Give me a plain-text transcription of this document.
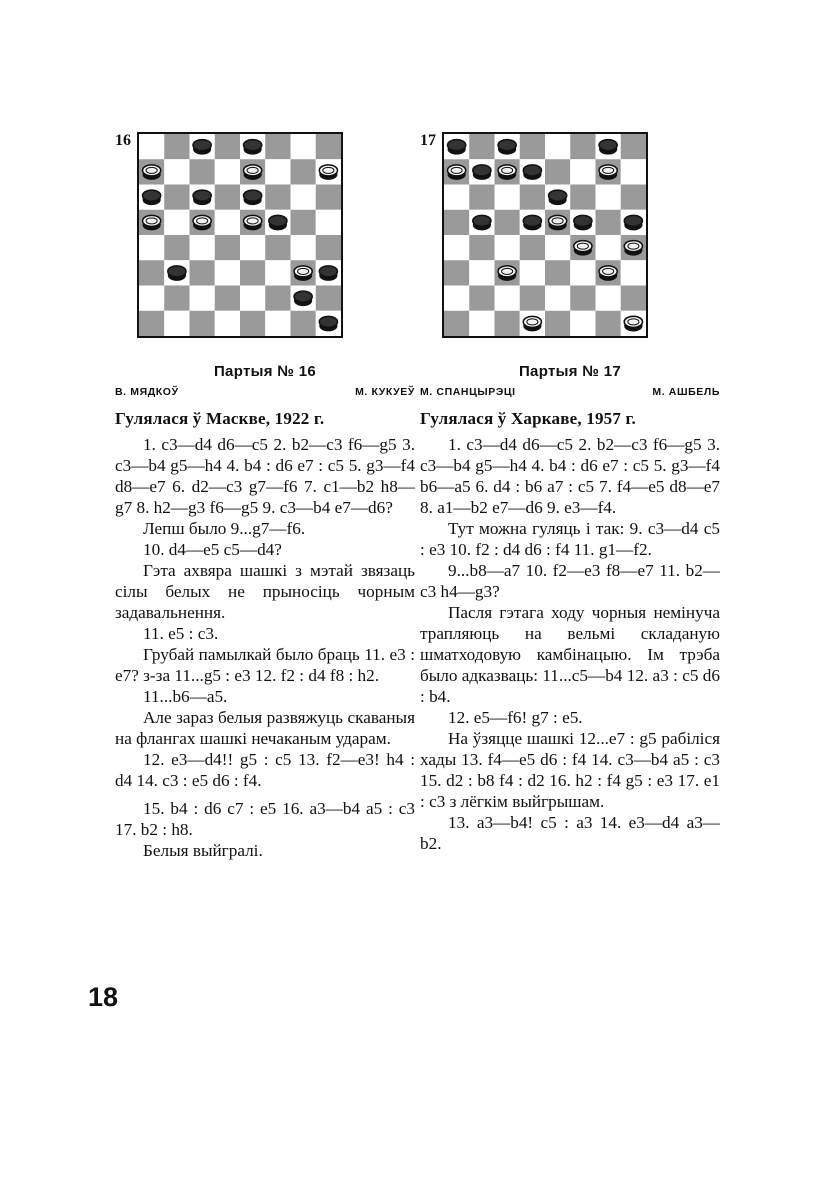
16
Партыя № 16
В. МЯДКОЎ	М. КУКУЕЎ
Гулялася ў Маскве, 1922 г.

1. c3—d4 d6—c5 2. b2—c3 f6—g5 3. c3—b4 g5—h4 4. b4 : d6 e7 : c5 5. g3—f4 d8—e7 6. d2—c3 g7—f6 7. c1—b2 h8—g7 8. h2—g3 f6—g5 9. c3—b4 e7—d6?

Лепш было 9...g7—f6.

10. d4—e5 c5—d4?

Гэта ахвяра шашкі з мэтай звязаць сілы белых не прыносіць чорным задавальнення.

11. e5 : c3.

Грубай памылкай было браць 11. e3 : e7? з-за 11...g5 : e3 12. f2 : d4 f8 : h2.

11...b6—a5.

Але зараз белыя развяжуць скаваныя на флангах шашкі нечаканым ударам.

12. e3—d4!! g5 : c5 13. f2—e3! h4 : d4 14. c3 : e5 d6 : f4.

15. b4 : d6 c7 : e5 16. a3—b4 a5 : c3 17. b2 : h8.

Белыя выйгралі.

17
Партыя № 17
М. СПАНЦЫРЭЦІ	М. АШБЕЛЬ
Гулялася ў Харкаве, 1957 г.

1. c3—d4 d6—c5 2. b2—c3 f6—g5 3. c3—b4 g5—h4 4. b4 : d6 e7 : c5 5. g3—f4 b6—a5 6. d4 : b6 a7 : c5 7. f4—e5 d8—e7 8. a1—b2 e7—d6 9. e3—f4.

Тут можна гуляць і так: 9. c3—d4 c5 : e3 10. f2 : d4 d6 : f4 11. g1—f2.

9...b8—a7 10. f2—e3 f8—e7 11. b2—c3 h4—g3?

Пасля гэтага ходу чорныя немінуча трапляюць на вельмі складаную шматходовую камбінацыю. Ім трэба было адказваць: 11...c5—b4 12. a3 : c5 d6 : b4.

12. e5—f6! g7 : e5.

На ўзяцце шашкі 12...e7 : g5 рабіліся хады 13. f4—e5 d6 : f4 14. c3—b4 a5 : c3 15. d2 : b8 f4 : d2 16. h2 : f4 g5 : e3 17. e1 : c3 з лёгкім выйгрышам.

13. a3—b4! c5 : a3 14. e3—d4 a3—b2.

18
